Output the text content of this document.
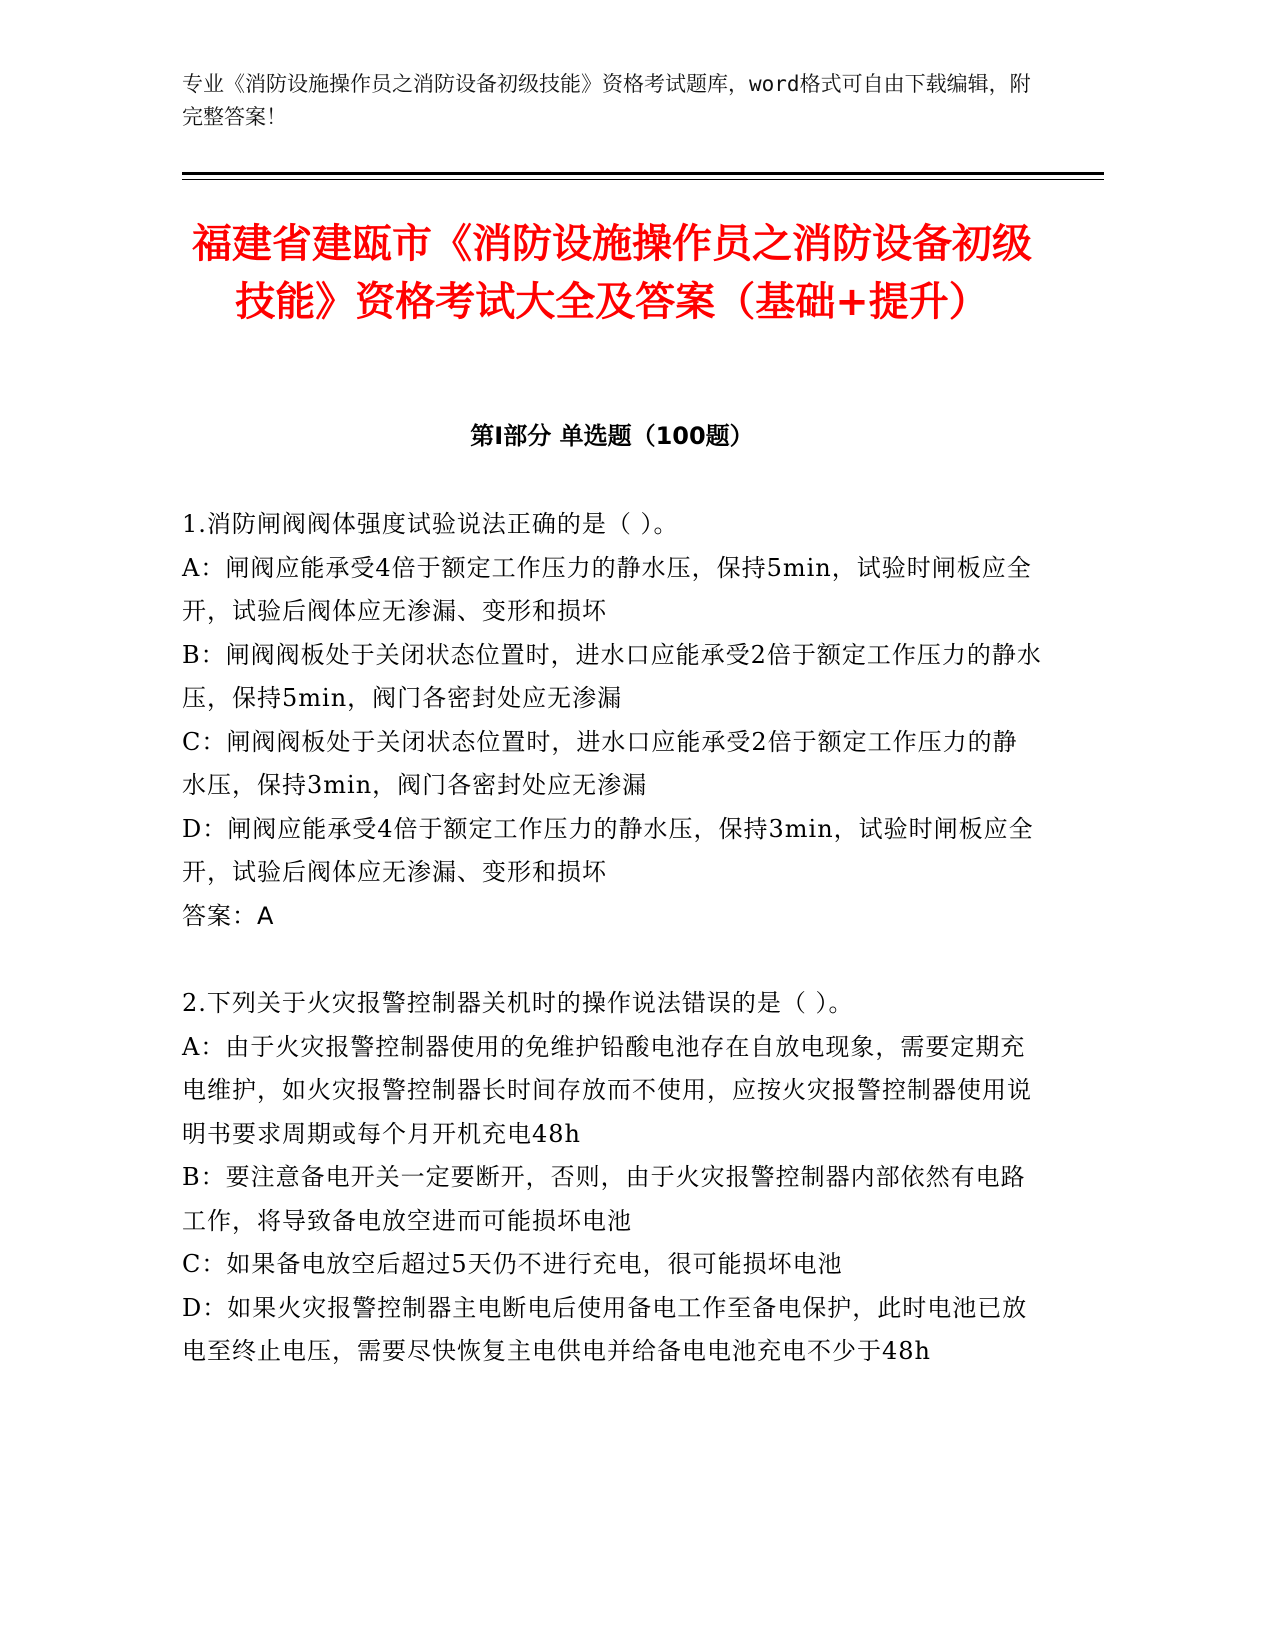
专业《消防设施操作员之消防设备初级技能》资格考试题库，word格式可自由下载编辑，附完整答案！
福建省建瓯市《消防设施操作员之消防设备初级技能》资格考试大全及答案（基础+提升）
第Ⅰ部分 单选题（100题）

1.消防闸阀阀体强度试验说法正确的是（ ）。

A：闸阀应能承受4倍于额定工作压力的静水压，保持5min，试验时闸板应全开，试验后阀体应无渗漏、变形和损坏

B：闸阀阀板处于关闭状态位置时，进水口应能承受2倍于额定工作压力的静水压，保持5min，阀门各密封处应无渗漏

C：闸阀阀板处于关闭状态位置时，进水口应能承受2倍于额定工作压力的静水压，保持3min，阀门各密封处应无渗漏

D：闸阀应能承受4倍于额定工作压力的静水压，保持3min，试验时闸板应全开，试验后阀体应无渗漏、变形和损坏

答案：A

2.下列关于火灾报警控制器关机时的操作说法错误的是（ ）。

A：由于火灾报警控制器使用的免维护铅酸电池存在自放电现象，需要定期充电维护，如火灾报警控制器长时间存放而不使用，应按火灾报警控制器使用说明书要求周期或每个月开机充电48h

B：要注意备电开关一定要断开，否则，由于火灾报警控制器内部依然有电路工作，将导致备电放空进而可能损坏电池

C：如果备电放空后超过5天仍不进行充电，很可能损坏电池

D：如果火灾报警控制器主电断电后使用备电工作至备电保护，此时电池已放电至终止电压，需要尽快恢复主电供电并给备电电池充电不少于48h
